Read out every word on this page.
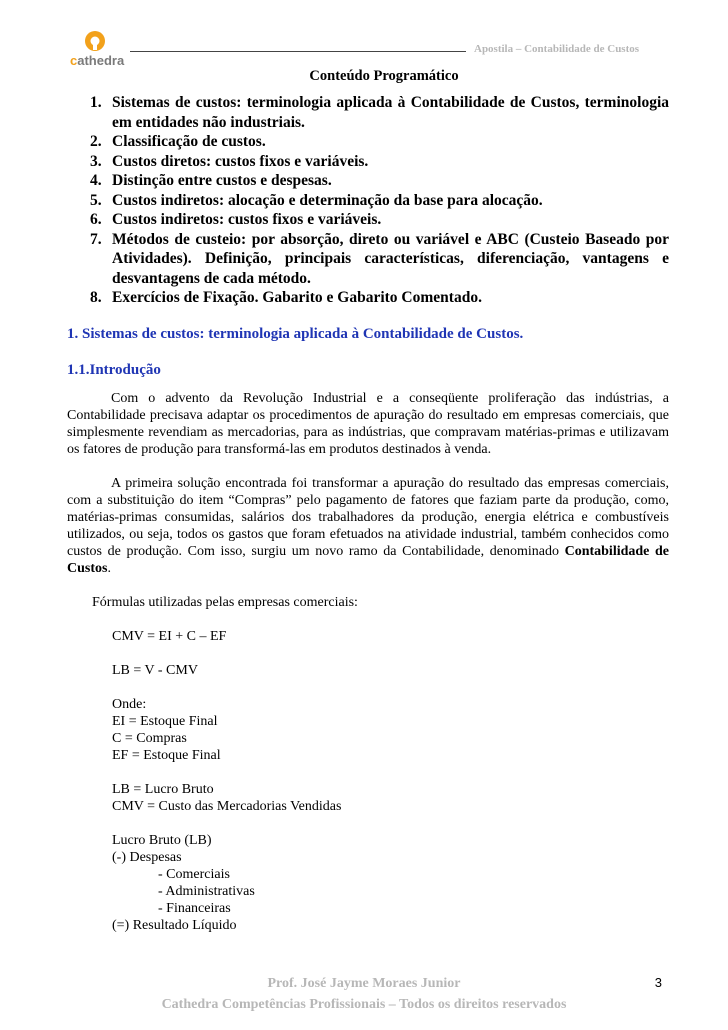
cathedra
Apostila – Contabilidade de Custos
Conteúdo Programático
1. Sistemas de custos: terminologia aplicada à Contabilidade de Custos, terminologia em entidades não industriais.
2. Classificação de custos.
3. Custos diretos: custos fixos e variáveis.
4. Distinção entre custos e despesas.
5. Custos indiretos: alocação e determinação da base para alocação.
6. Custos indiretos: custos fixos e variáveis.
7. Métodos de custeio: por absorção, direto ou variável e ABC (Custeio Baseado por Atividades). Definição, principais características, diferenciação, vantagens e desvantagens de cada método.
8. Exercícios de Fixação. Gabarito e Gabarito Comentado.
1. Sistemas de custos: terminologia aplicada à Contabilidade de Custos.
1.1.Introdução

Com o advento da Revolução Industrial e a conseqüente proliferação das indústrias, a Contabilidade precisava adaptar os procedimentos de apuração do resultado em empresas comerciais, que simplesmente revendiam as mercadorias, para as indústrias, que compravam matérias-primas e utilizavam os fatores de produção para transformá-las em produtos destinados à venda.

A primeira solução encontrada foi transformar a apuração do resultado das empresas comerciais, com a substituição do item “Compras” pelo pagamento de fatores que faziam parte da produção, como, matérias-primas consumidas, salários dos trabalhadores da produção, energia elétrica e combustíveis utilizados, ou seja, todos os gastos que foram efetuados na atividade industrial, também conhecidos como custos de produção. Com isso, surgiu um novo ramo da Contabilidade, denominado Contabilidade de Custos.

Fórmulas utilizadas pelas empresas comerciais:
CMV = EI + C – EF
LB = V - CMV
Onde:
EI = Estoque Final
C = Compras
EF = Estoque Final
LB = Lucro Bruto
CMV = Custo das Mercadorias Vendidas
Lucro Bruto (LB)
(-) Despesas
- Comerciais
- Administrativas
- Financeiras
(=) Resultado Líquido
Prof. José Jayme Moraes Junior
Cathedra Competências Profissionais – Todos os direitos reservados
3
